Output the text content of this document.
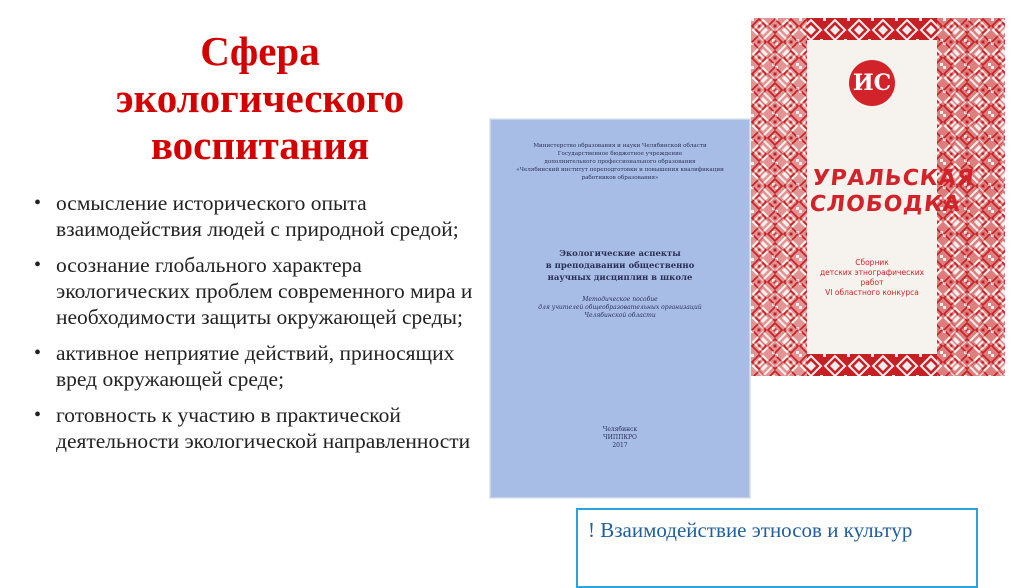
Сфера
экологического
воспитания
• осмысление исторического опыта взаимодействия людей с природной средой;
• осознание глобального характера экологических проблем современного мира и необходимости защиты окружающей среды;
• активное неприятие действий, приносящих вред окружающей среде;
• готовность к участию в практической деятельности экологической направленности
Министерство образования и науки Челябинской области
Государственное бюджетное учреждение
дополнительного профессионального образования
«Челябинский институт переподготовки и повышения квалификации
работников образования»
Экологические аспекты
в преподавании общественно
научных дисциплин в школе
Методическое пособие
для учителей общеобразовательных организаций
Челябинской области
Челябинск
ЧИППКРО
2017
ИС
УРАЛЬСКАЯ
СЛОБОДКА
Сборник
детских этнографических работ
VI областного конкурса
! Взаимодействие этносов и культур
